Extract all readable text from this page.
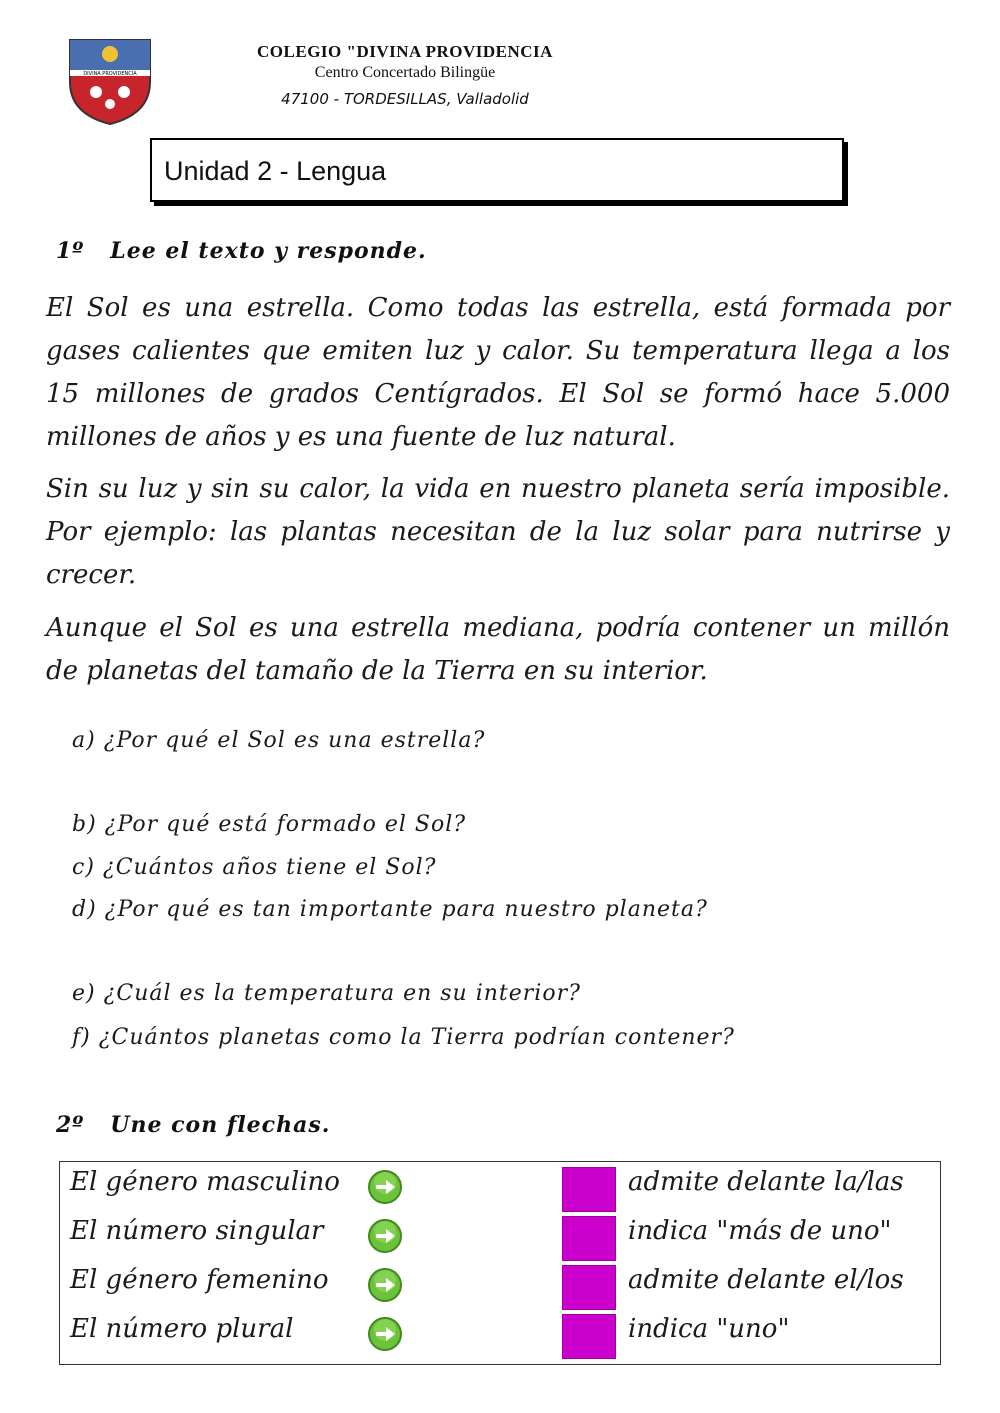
DIVINA PROVIDENCIA
COLEGIO "DIVINA PROVIDENCIA
Centro Concertado Bilingüe
47100 - TORDESILLAS, Valladolid
Unidad 2 - Lengua
1º Lee el texto y responde.
El Sol es una estrella. Como todas las estrella, está formada por gases calientes que emiten luz y calor. Su temperatura llega a los 15 millones de grados Centígrados. El Sol se formó hace 5.000 millones de años y es una fuente de luz natural.
Sin su luz y sin su calor, la vida en nuestro planeta sería imposible. Por ejemplo: las plantas necesitan de la luz solar para nutrirse y crecer.
Aunque el Sol es una estrella mediana, podría contener un millón de planetas del tamaño de la Tierra en su interior.
a) ¿Por qué el Sol es una estrella?
b) ¿Por qué está formado el Sol?
c) ¿Cuántos años tiene el Sol?
d) ¿Por qué es tan importante para nuestro planeta?
e) ¿Cuál es la temperatura en su interior?
f) ¿Cuántos planetas como la Tierra podrían contener?
2º Une con flechas.
El género masculino	admite delante la/las
El número singular	indica "más de uno"
El género femenino	admite delante el/los
El número plural	indica "uno"
